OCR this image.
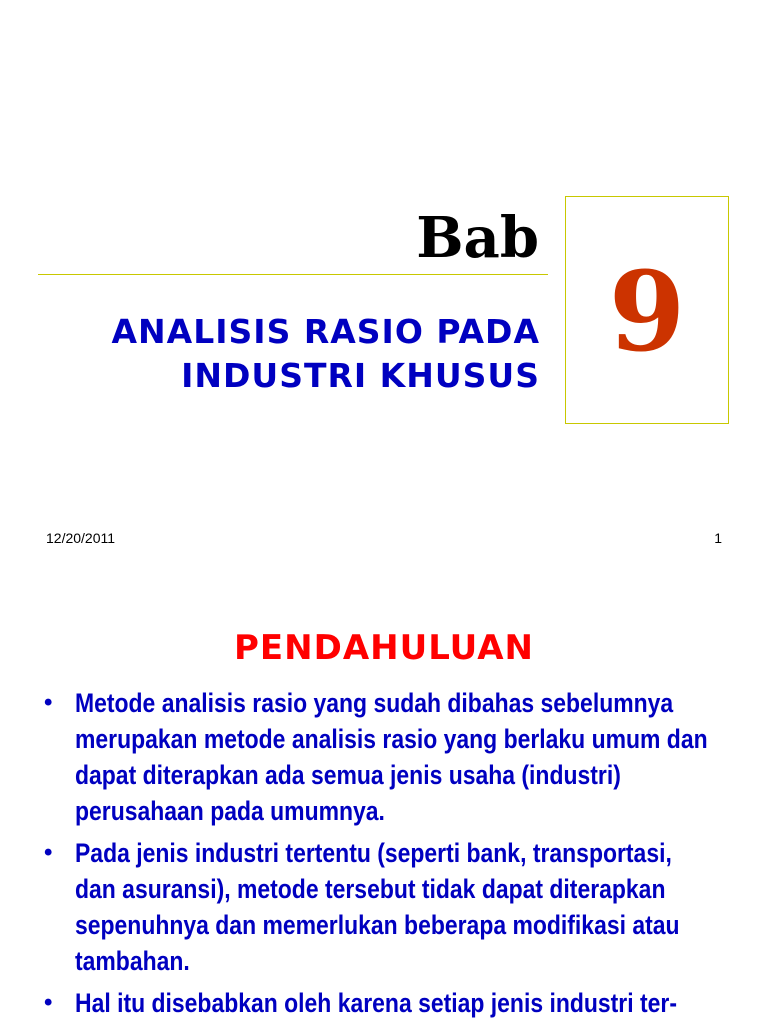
Bab
ANALISIS RASIO PADA
INDUSTRI KHUSUS 9
12/20/2011	1
PENDAHULUAN
• Metode analisis rasio yang sudah dibahas sebelumnya merupakan metode analisis rasio yang berlaku umum dan dapat diterapkan ada semua jenis usaha (industri) perusahaan pada umumnya.
• Pada jenis industri tertentu (seperti bank, transportasi, dan asuransi), metode tersebut tidak dapat diterapkan sepenuhnya dan memerlukan beberapa modifikasi atau tambahan.
• Hal itu disebabkan oleh karena setiap jenis industri ter-
